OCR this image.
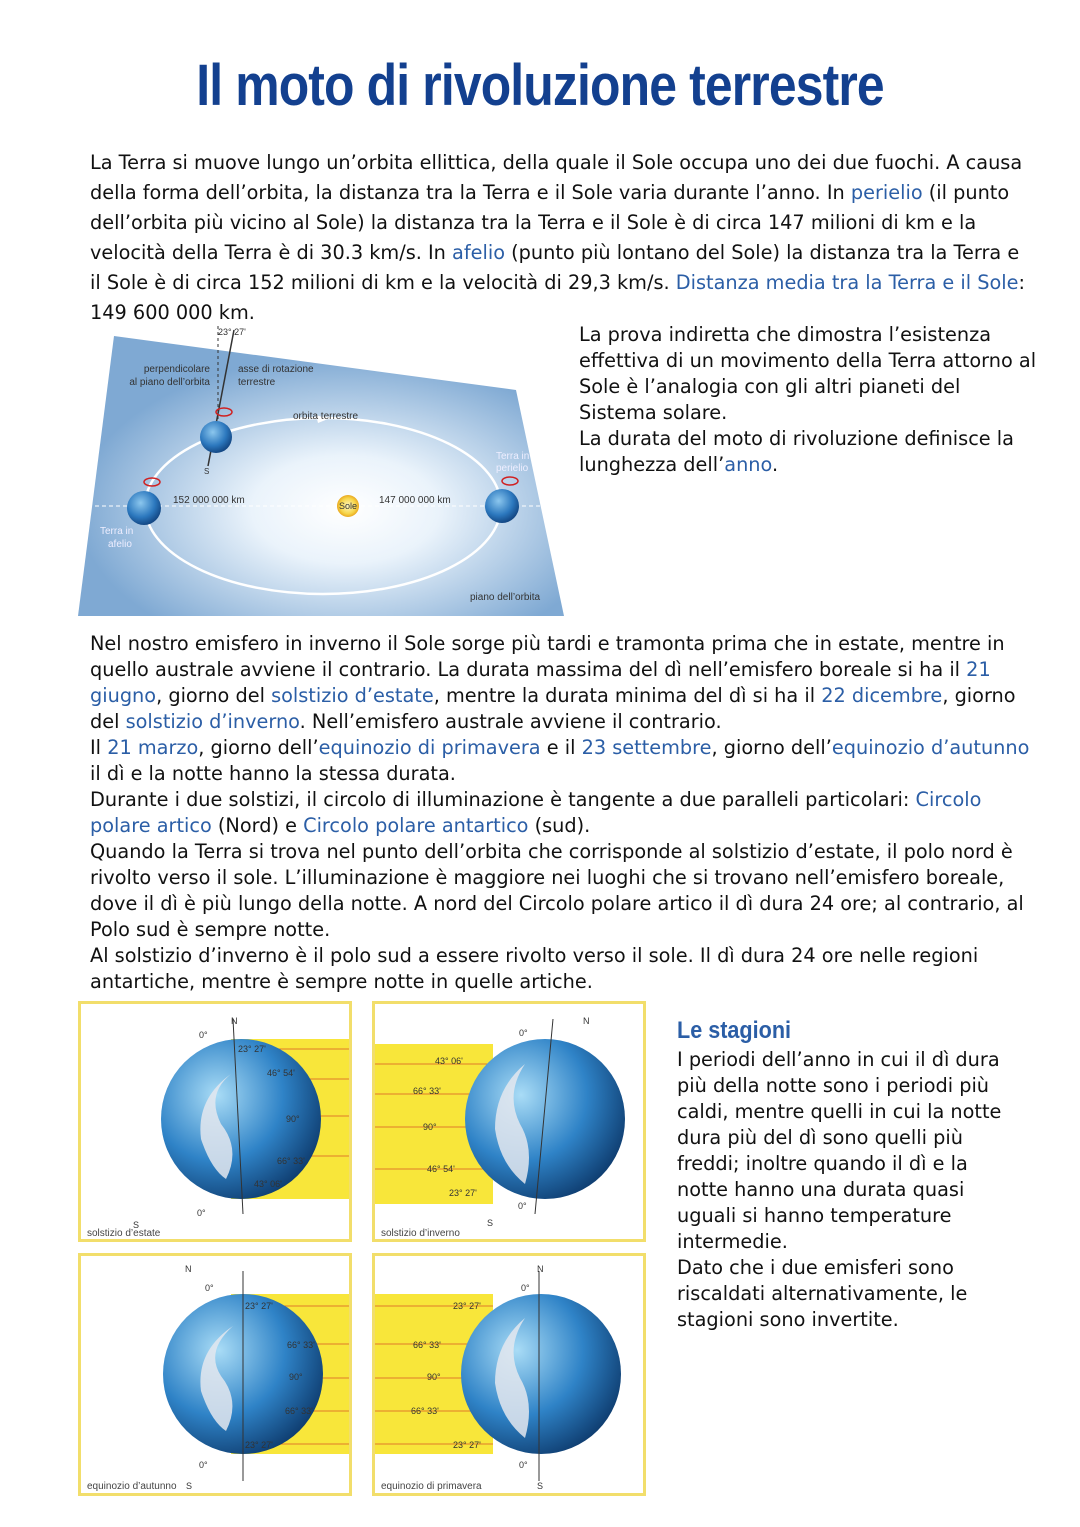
Il moto di rivoluzione terrestre
La Terra si muove lungo un’orbita ellittica, della quale il Sole occupa uno dei due fuochi. A causa della forma dell’orbita, la distanza tra la Terra e il Sole varia durante l’anno. In perielio (il punto dell’orbita più vicino al Sole) la distanza tra la Terra e il Sole è di circa 147 milioni di km e la velocità della Terra è di 30.3 km/s. In afelio (punto più lontano del Sole) la distanza tra la Terra e il Sole è di circa 152 milioni di km e la velocità di 29,3 km/s. Distanza media tra la Terra e il Sole: 149 600 000 km.
Sole
23° 27'
perpendicolare
al piano dell’orbita
asse di rotazione
terrestre
orbita terrestre
152 000 000 km	147 000 000 km
Terra in
perielio
Terra in
afelio
piano dell’orbita
S
La prova indiretta che dimostra l’esistenza effettiva di un movimento della Terra attorno al Sole è l’analogia con gli altri pianeti del Sistema solare.
La durata del moto di rivoluzione definisce la lunghezza dell’anno.
Nel nostro emisfero in inverno il Sole sorge più tardi e tramonta prima che in estate, mentre in quello australe avviene il contrario. La durata massima del dì nell’emisfero boreale si ha il 21 giugno, giorno del solstizio d’estate, mentre la durata minima del dì si ha il 22 dicembre, giorno del solstizio d’inverno. Nell’emisfero australe avviene il contrario.
Il 21 marzo, giorno dell’equinozio di primavera e il 23 settembre, giorno dell’equinozio d’autunno il dì e la notte hanno la stessa durata.
Durante i due solstizi, il circolo di illuminazione è tangente a due paralleli particolari: Circolo polare artico (Nord) e Circolo polare antartico (sud).
Quando la Terra si trova nel punto dell’orbita che corrisponde al solstizio d’estate, il polo nord è rivolto verso il sole. L’illuminazione è maggiore nei luoghi che si trovano nell’emisfero boreale, dove il dì è più lungo della notte. A nord del Circolo polare artico il dì dura 24 ore; al contrario, al Polo sud è sempre notte.
Al solstizio d’inverno è il polo sud a essere rivolto verso il sole. Il dì dura 24 ore nelle regioni antartiche, mentre è sempre notte in quelle artiche.
N
S
0°
0°
23° 27'
46° 54'
90°
66° 33'
43° 06'
solstizio d’estate
N
S
0°
0°
43° 06'
66° 33'
90°
46° 54'
23° 27'
solstizio d’inverno
N
S
0°
0°
23° 27'
66° 33'
90°
66° 33'
23° 27'
equinozio d’autunno
N
S
0°
0°
23° 27'
66° 33'
90°
66° 33'
23° 27'
equinozio di primavera
Le stagioni
I periodi dell’anno in cui il dì dura più della notte sono i periodi più caldi, mentre quelli in cui la notte dura più del dì sono quelli più freddi; inoltre quando il dì e la notte hanno una durata quasi uguali si hanno temperature intermedie.
Dato che i due emisferi sono riscaldati alternativamente, le stagioni sono invertite.
